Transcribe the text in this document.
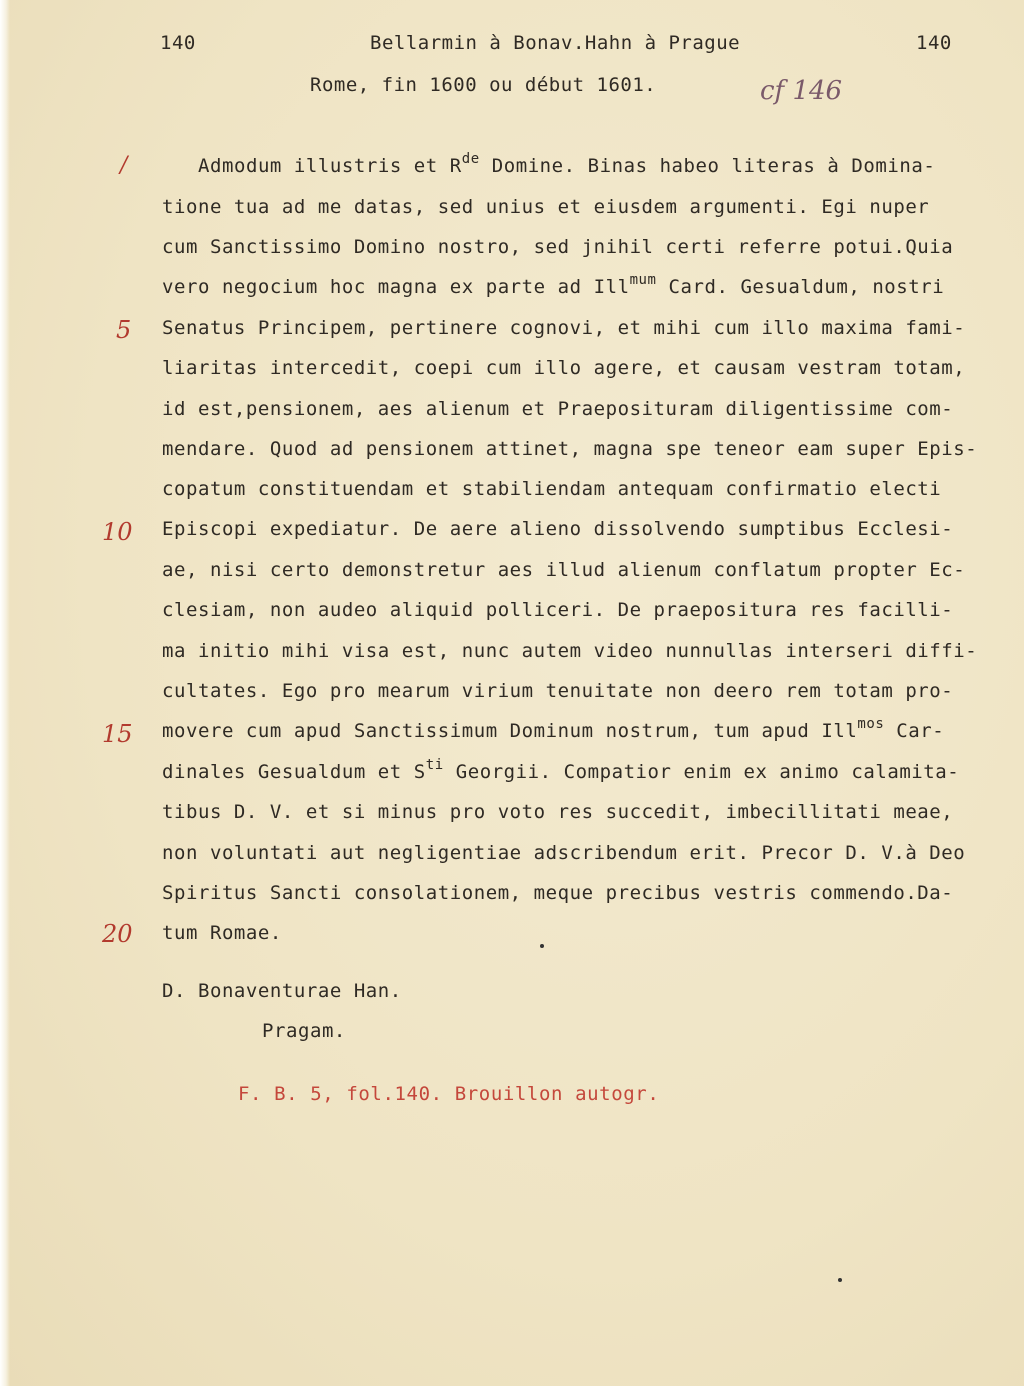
140	Bellarmin à Bonav.Hahn à Prague	140
Rome, fin 1600 ou début 1601.	cf 146
/
5
10
15
20
Admodum illustris et $R^{de}$ Domine. Binas habeo literas à Domina-
tione tua ad me datas, sed unius et eiusdem argumenti. Egi nuper
cum Sanctissimo Domino nostro, sed jnihil certi referre potui.Quia
vero negocium hoc magna ex parte ad Ill$^{mum}$ Card. Gesualdum, nostri
Senatus Principem, pertinere cognovi, et mihi cum illo maxima fami-
liaritas intercedit, coepi cum illo agere, et causam vestram totam,
id est,pensionem, aes alienum et Praeposituram diligentissime com-
mendare. Quod ad pensionem attinet, magna spe teneor eam super Epis-
copatum constituendam et stabiliendam antequam confirmatio electi
Episcopi expediatur. De aere alieno dissolvendo sumptibus Ecclesi-
ae, nisi certo demonstretur aes illud alienum conflatum propter Ec-
clesiam, non audeo aliquid polliceri. De praepositura res facilli-
ma initio mihi visa est, nunc autem video nunnullas interseri diffi-
cultates. Ego pro mearum virium tenuitate non deero rem totam pro-
movere cum apud Sanctissimum Dominum nostrum, tum apud Ill$^{mos}$ Car-
dinales Gesualdum et $S^{ti}$ Georgii. Compatior enim ex animo calamita-
tibus D. V. et si minus pro voto res succedit, imbecillitati meae,
non voluntati aut negligentiae adscribendum erit. Precor D. V.à Deo
Spiritus Sancti consolationem, meque precibus vestris commendo.Da-
tum Romae.
D. Bonaventurae Han.
Pragam.
F. B. 5, fol.140. Brouillon autogr.
